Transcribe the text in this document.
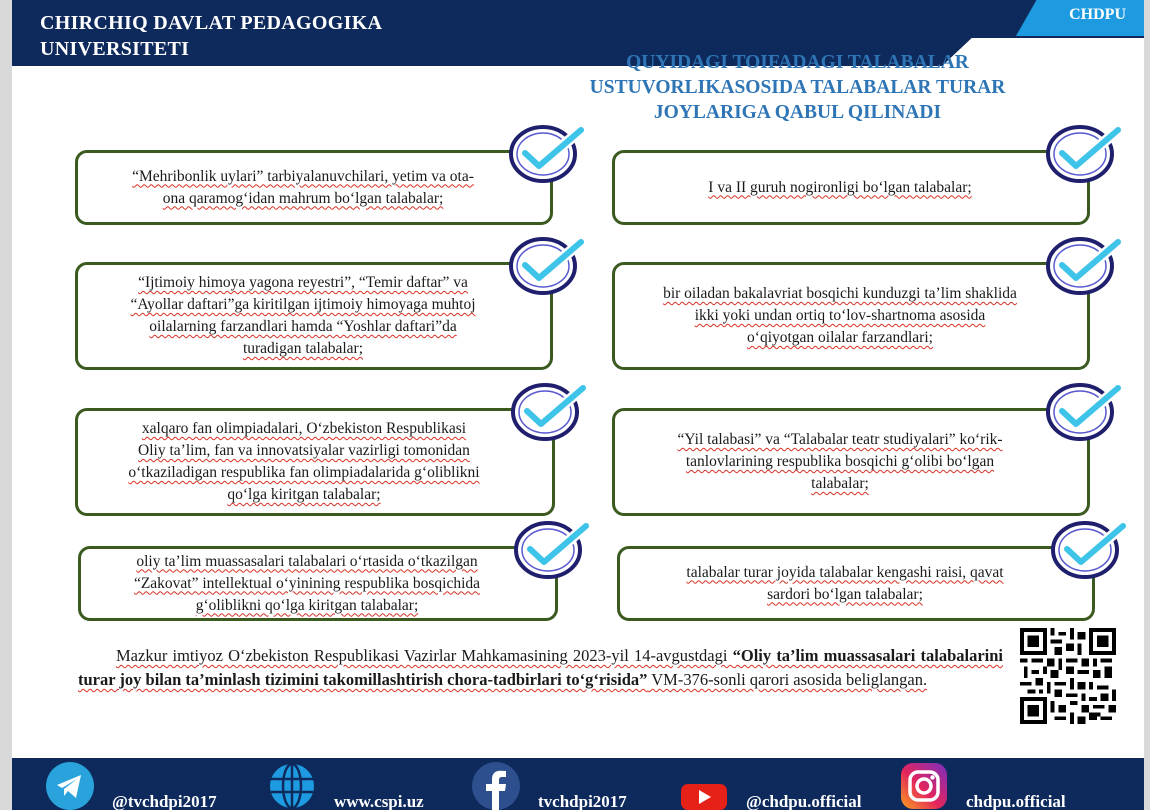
CHIRCHIQ DAVLAT PEDAGOGIKA
UNIVERSITETI
CHDPU
QUYIDAGI TOIFADAGI TALABALAR
USTUVORLIKASOSIDA TALABALAR TURAR
JOYLARIGA QABUL QILINADI
“Mehribonlik uylari” tarbiyalanuvchilari, yetim va ota-
ona qaramog‘idan mahrum bo‘lgan talabalar;
I va II guruh nogironligi bo‘lgan talabalar;
“Ijtimoiy himoya yagona reyestri”, “Temir daftar” va
“Ayollar daftari”ga kiritilgan ijtimoiy himoyaga muhtoj
oilalarning farzandlari hamda “Yoshlar daftari”da
turadigan talabalar;
bir oiladan bakalavriat bosqichi kunduzgi ta’lim shaklida
ikki yoki undan ortiq to‘lov-shartnoma asosida
o‘qiyotgan oilalar farzandlari;
xalqaro fan olimpiadalari, O‘zbekiston Respublikasi
Oliy ta’lim, fan va innovatsiyalar vazirligi tomonidan
o‘tkaziladigan respublika fan olimpiadalarida g‘oliblikni
qo‘lga kiritgan talabalar;
“Yil talabasi” va “Talabalar teatr studiyalari” ko‘rik-
tanlovlarining respublika bosqichi g‘olibi bo‘lgan
talabalar;
oliy ta’lim muassasalari talabalari o‘rtasida o‘tkazilgan
“Zakovat” intellektual o‘yinining respublika bosqichida
g‘oliblikni qo‘lga kiritgan talabalar;
talabalar turar joyida talabalar kengashi raisi, qavat
sardori bo‘lgan talabalar;

Mazkur imtiyoz O‘zbekiston Respublikasi Vazirlar Mahkamasining 2023-yil 14-avgustdagi “Oliy ta’lim muassasalari talabalarini turar joy bilan ta’minlash tizimini takomillashtirish chora-tadbirlari to‘g‘risida” VM-376-sonli qarori asosida beliglangan.

@tvchdpi2017	www.cspi.uz	tvchdpi2017	@chdpu.official	chdpu.official
